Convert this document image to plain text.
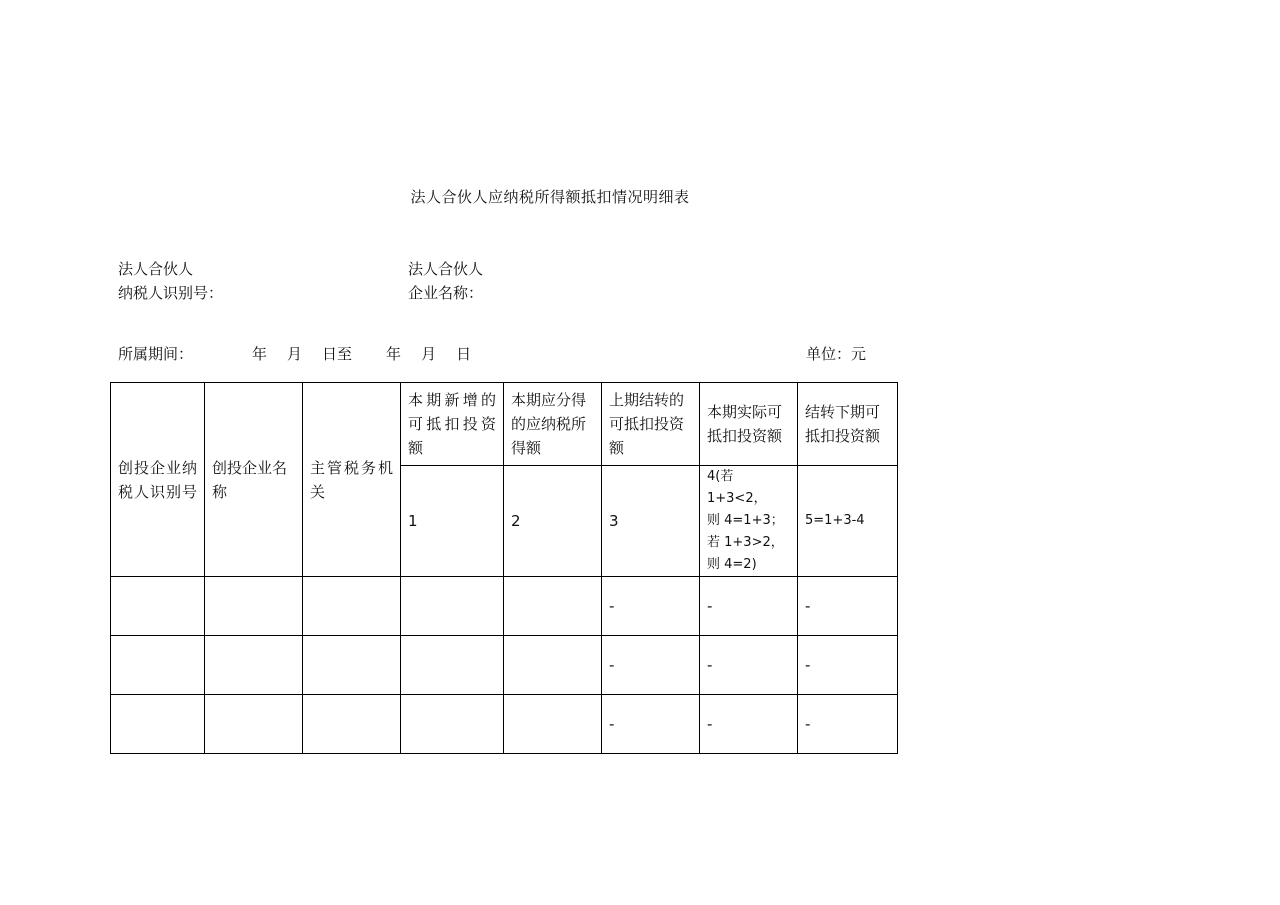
法人合伙人应纳税所得额抵扣情况明细表
法人合伙人
纳税人识别号：
法人合伙人
企业名称：
所属期间：	年 月 日至 年 月 日	单位：元
创投企业纳税人识别号	创投企业名称	主管税务机关	本期新增的可抵扣投资额	本期应分得的应纳税所得额	上期结转的可抵扣投资额	本期实际可抵扣投资额	结转下期可抵扣投资额

			1	2	3	4(若 1+3<2，
则 4=1+3；
若 1+3>2，
则 4=2)	5=1+3-4
					-	-	-
					-	-	-
					-	-	-
